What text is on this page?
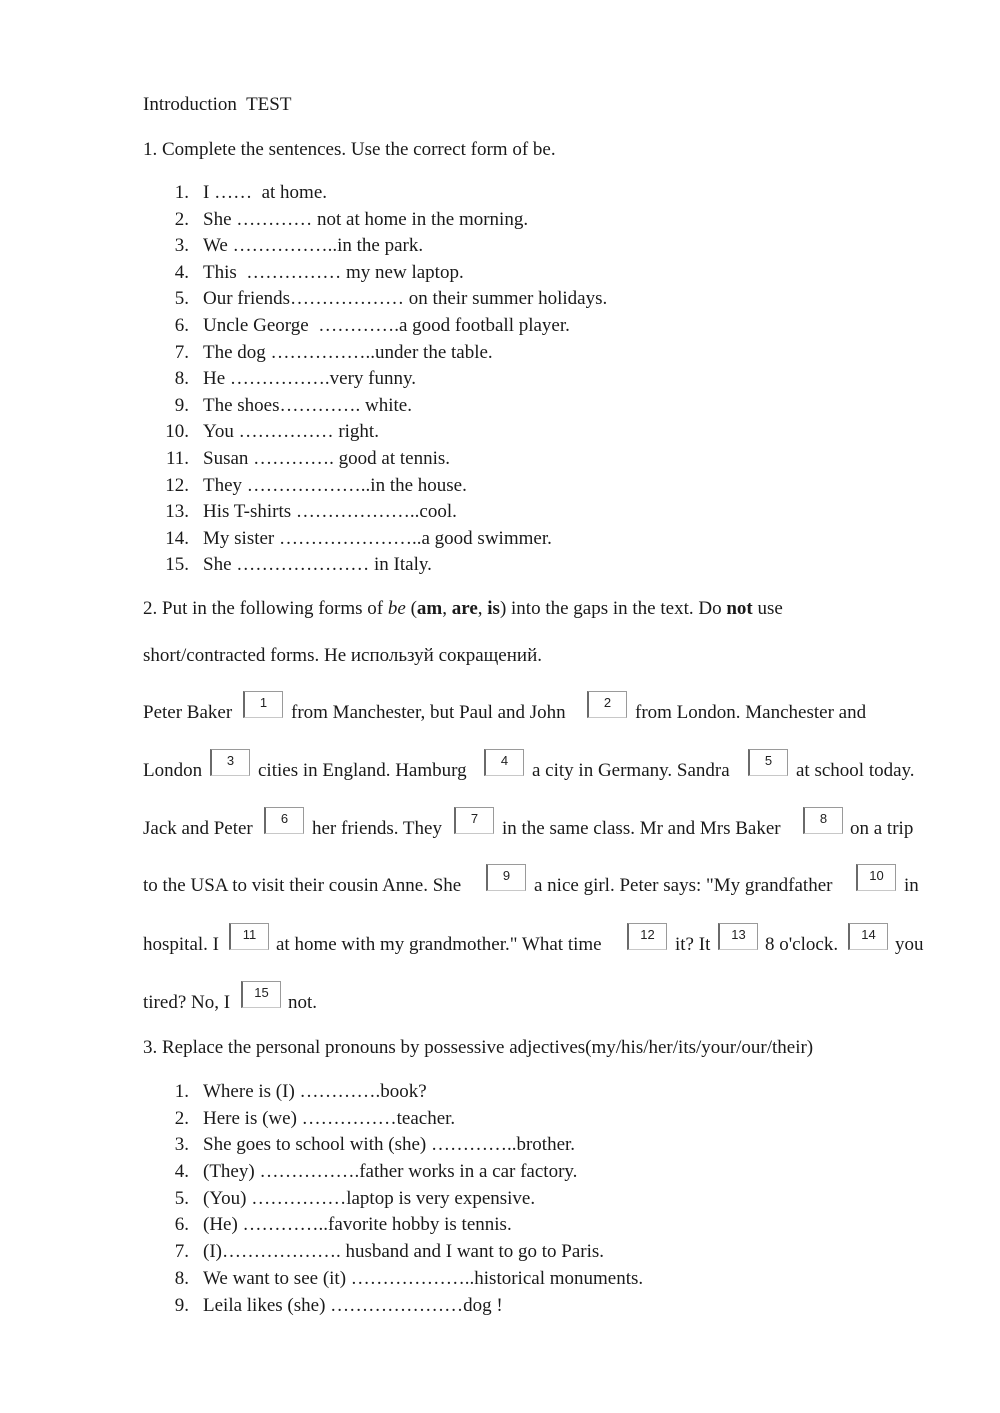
Introduction  TEST
1. Complete the sentences. Use the correct form of be.
1. I ……  at home.
2. She ………… not at home in the morning.
3. We ……………..in the park.
4. This  …………… my new laptop.
5. Our friends……………… on their summer holidays.
6. Uncle George  ………….a good football player.
7. The dog ……………..under the table.
8. He …………….very funny.
9. The shoes…………. white.
10. You …………… right.
11. Susan …………. good at tennis.
12. They ………………..in the house.
13. His T-shirts ………………..cool.
14. My sister …………………..a good swimmer.
15. She ………………… in Italy.
2. Put in the following forms of be (am, are, is) into the gaps in the text. Do not use
short/contracted forms. Не используй сокращений.
Peter Baker	1	from Manchester, but Paul and John	2	from London. Manchester and
London	3	cities in England. Hamburg	4	a city in Germany. Sandra	5	at school today.
Jack and Peter	6	her friends. They	7	in the same class. Mr and Mrs Baker	8	on a trip
to the USA to visit their cousin Anne. She	9	a nice girl. Peter says: "My grandfather	10	in
hospital. I	11	at home with my grandmother." What time	12	it? It	13	8 o'clock.	14	you
tired? No, I	15	not.
3. Replace the personal pronouns by possessive adjectives(my/his/her/its/your/our/their)
1. Where is (I) ………….book?
2. Here is (we) ……………teacher.
3. She goes to school with (she) …………..brother.
4. (They) …………….father works in a car factory.
5. (You) ……………laptop is very expensive.
6. (He) …………..favorite hobby is tennis.
7. (I)………………. husband and I want to go to Paris.
8. We want to see (it) ………………..historical monuments.
9. Leila likes (she) …………………dog !
